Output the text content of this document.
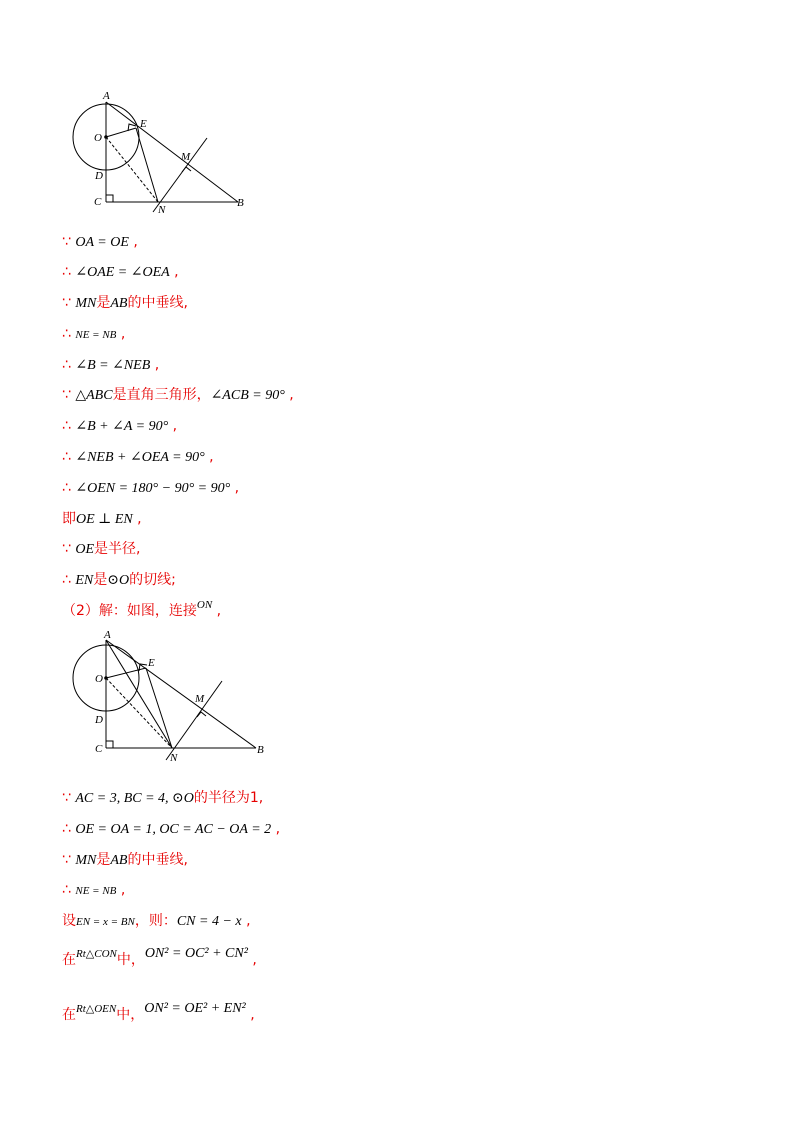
A
O
E
M
D
C
N
B
∵ OA = OE ,
∴ ∠OAE = ∠OEA ,
∵ MN是AB的中垂线,
∴ NE = NB ,
∴ ∠B = ∠NEB ,
∵ △ABC是直角三角形，∠ACB = 90° ,
∴ ∠B + ∠A = 90° ,
∴ ∠NEB + ∠OEA = 90° ,
∴ ∠OEN = 180° − 90° = 90° ,
即OE ⊥ EN ,
∵ OE是半径,
∴ EN是⊙O的切线;
（2）解：如图，连接$^{ON}$ ,
A
O
E
M
D
C
N
B
∵ AC = 3, BC = 4, ⊙O的半径为1,
∴ OE = OA = 1, OC = AC − OA = 2 ,
∵ MN是AB的中垂线,
∴ NE = NB ,
设EN = x = BN，则：CN = 4 − x ,
在$^{Rt\triangle CON}$中，ON² = OC² + CN² ,
在$^{Rt\triangle OEN}$中，ON² = OE² + EN² ,
